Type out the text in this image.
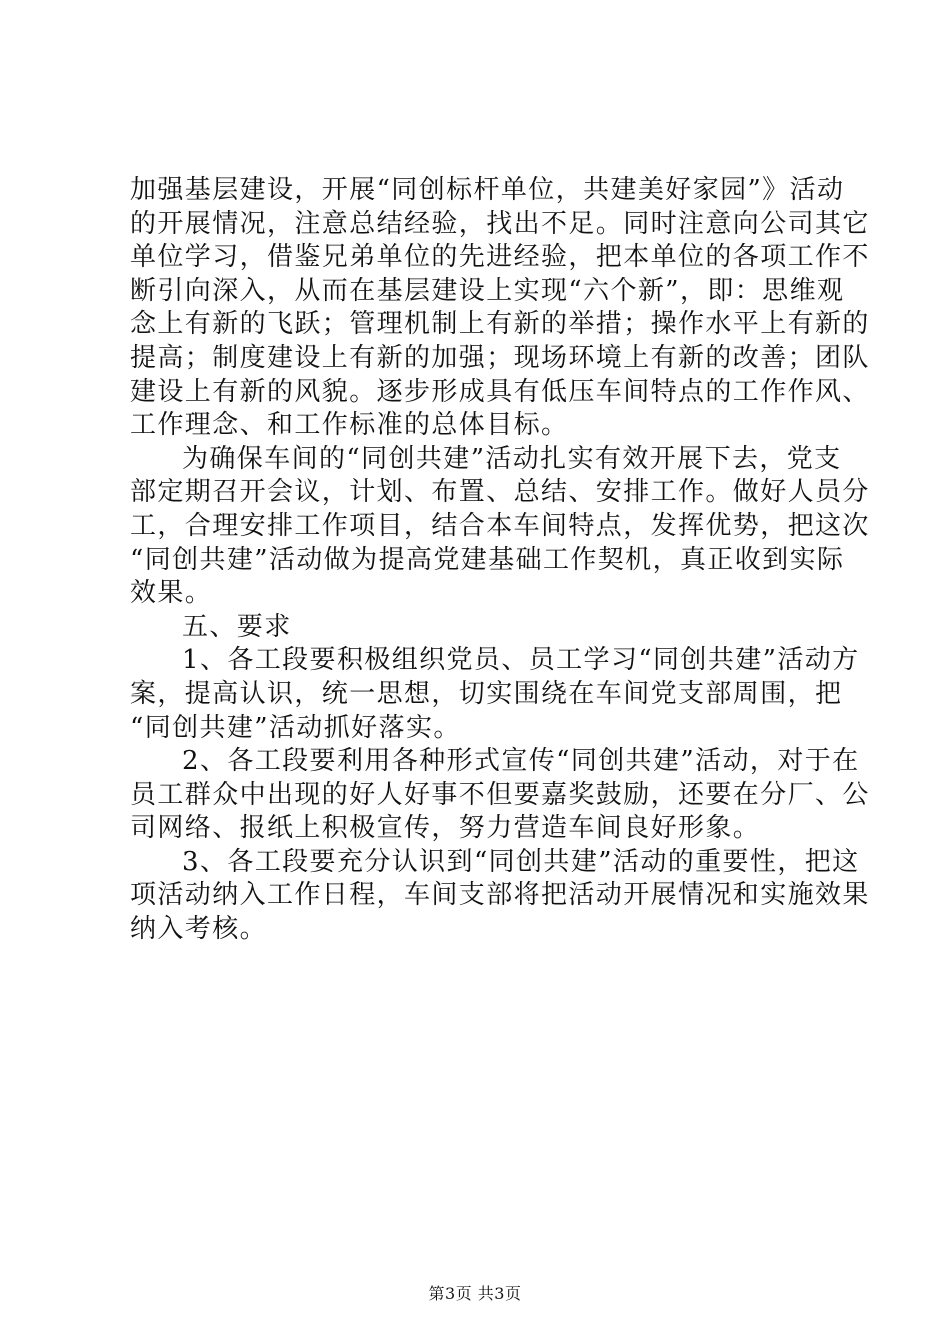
加强基层建设，开展“同创标杆单位，共建美好家园”》活动
的开展情况，注意总结经验，找出不足。同时注意向公司其它
单位学习，借鉴兄弟单位的先进经验，把本单位的各项工作不
断引向深入，从而在基层建设上实现“六个新”，即：思维观
念上有新的飞跃；管理机制上有新的举措；操作水平上有新的
提高；制度建设上有新的加强；现场环境上有新的改善；团队
建设上有新的风貌。逐步形成具有低压车间特点的工作作风、
工作理念、和工作标准的总体目标。
为确保车间的“同创共建”活动扎实有效开展下去，党支
部定期召开会议，计划、布置、总结、安排工作。做好人员分
工，合理安排工作项目，结合本车间特点，发挥优势，把这次
“同创共建”活动做为提高党建基础工作契机，真正收到实际
效果。
五、要求
1、各工段要积极组织党员、员工学习“同创共建”活动方
案，提高认识，统一思想，切实围绕在车间党支部周围，把
“同创共建”活动抓好落实。
2、各工段要利用各种形式宣传“同创共建”活动，对于在
员工群众中出现的好人好事不但要嘉奖鼓励，还要在分厂、公
司网络、报纸上积极宣传，努力营造车间良好形象。
3、各工段要充分认识到“同创共建”活动的重要性，把这
项活动纳入工作日程，车间支部将把活动开展情况和实施效果
纳入考核。
第3页 共3页
